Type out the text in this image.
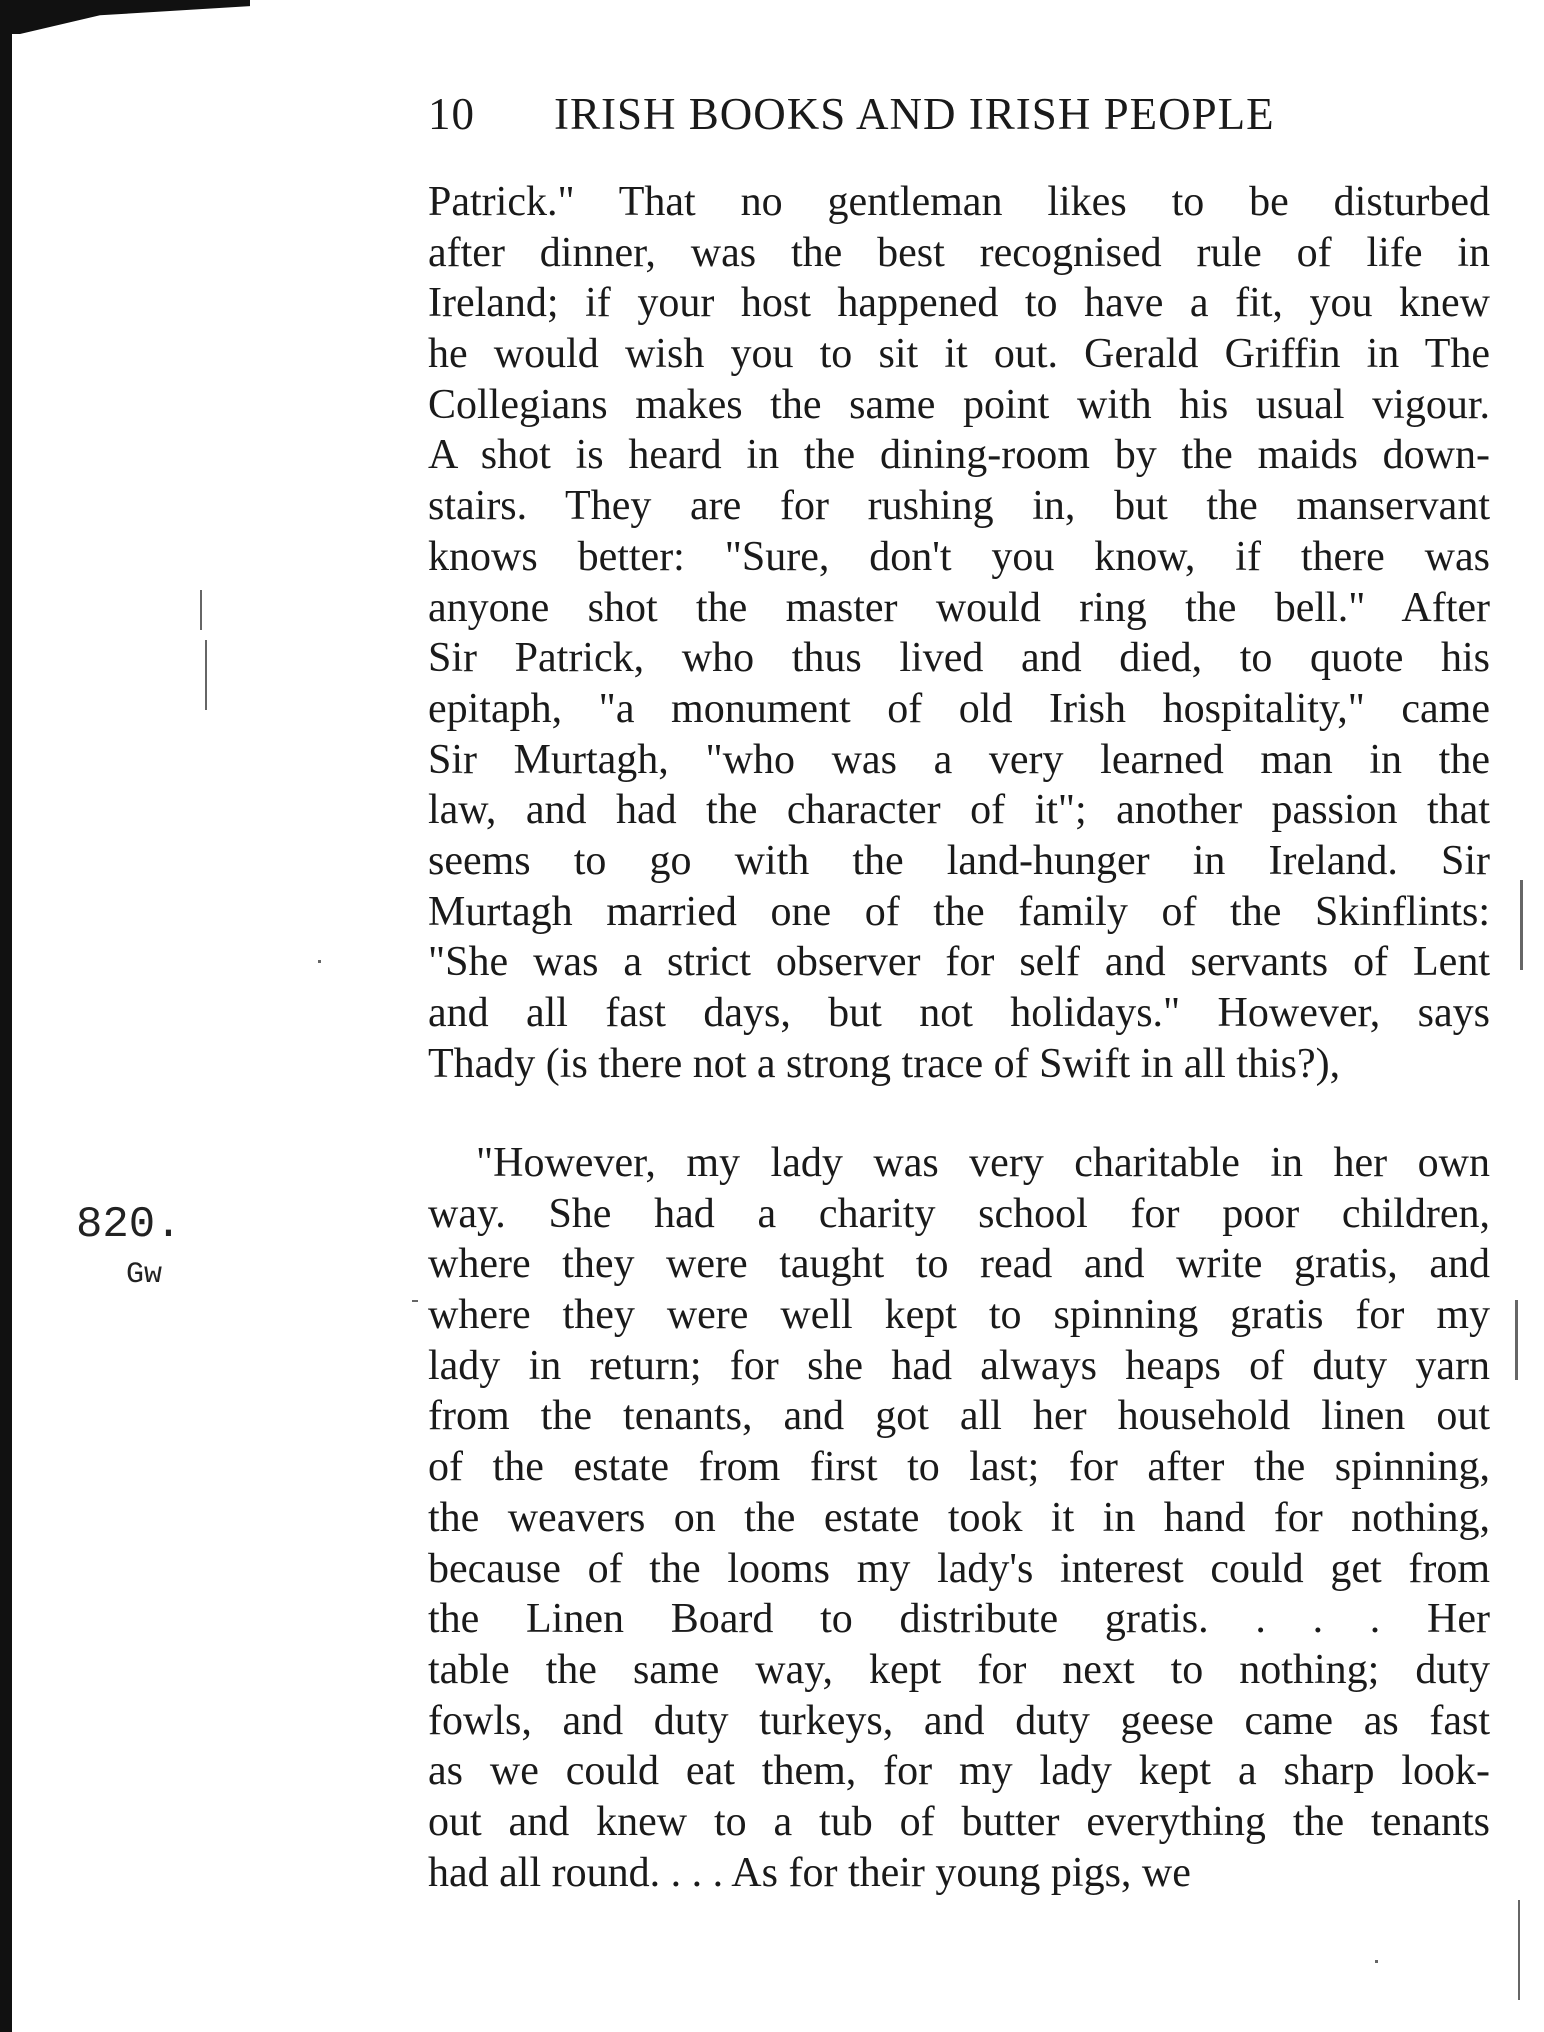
10 IRISH BOOKS AND IRISH PEOPLE
Patrick." That no gentleman likes to be disturbed
after dinner, was the best recognised rule of life in
Ireland; if your host happened to have a fit, you knew
he would wish you to sit it out. Gerald Griffin in The
Collegians makes the same point with his usual vigour.
A shot is heard in the dining-room by the maids down-
stairs. They are for rushing in, but the manservant
knows better: "Sure, don't you know, if there was
anyone shot the master would ring the bell." After
Sir Patrick, who thus lived and died, to quote his
epitaph, "a monument of old Irish hospitality," came
Sir Murtagh, "who was a very learned man in the
law, and had the character of it"; another passion that
seems to go with the land-hunger in Ireland. Sir
Murtagh married one of the family of the Skinflints:
"She was a strict observer for self and servants of Lent
and all fast days, but not holidays." However, says
Thady (is there not a strong trace of Swift in all this?),
"However, my lady was very charitable in her own
way. She had a charity school for poor children,
where they were taught to read and write gratis, and
where they were well kept to spinning gratis for my
lady in return; for she had always heaps of duty yarn
from the tenants, and got all her household linen out
of the estate from first to last; for after the spinning,
the weavers on the estate took it in hand for nothing,
because of the looms my lady's interest could get from
the Linen Board to distribute gratis. . . . Her
table the same way, kept for next to nothing; duty
fowls, and duty turkeys, and duty geese came as fast
as we could eat them, for my lady kept a sharp look-
out and knew to a tub of butter everything the tenants
had all round. . . . As for their young pigs, we
820.
Gw
